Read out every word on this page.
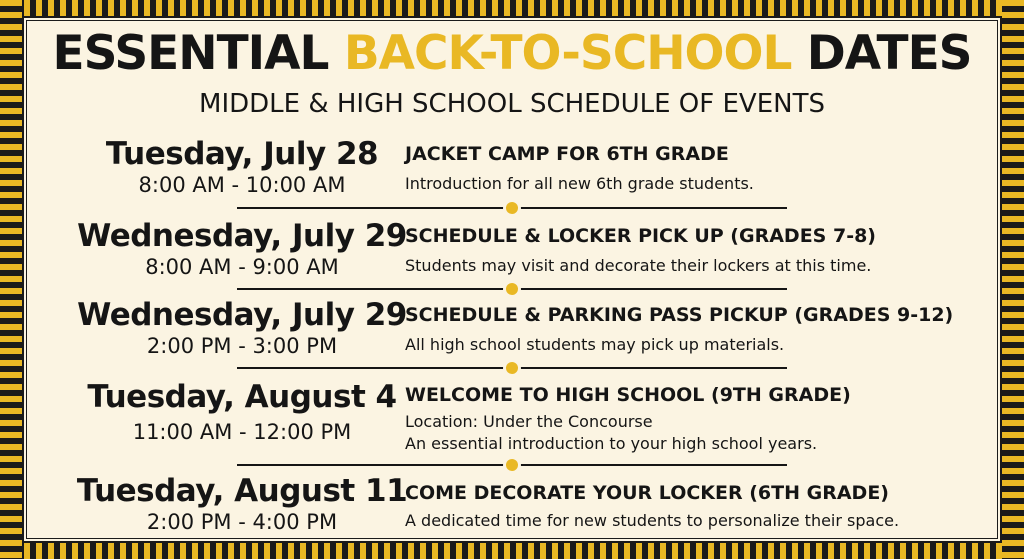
ESSENTIAL BACK-TO-SCHOOL DATES
MIDDLE & HIGH SCHOOL SCHEDULE OF EVENTS
Tuesday, July 28
8:00 AM - 10:00 AM
JACKET CAMP FOR 6TH GRADE
Introduction for all new 6th grade students.
Wednesday, July 29
8:00 AM - 9:00 AM
SCHEDULE & LOCKER PICK UP (GRADES 7-8)
Students may visit and decorate their lockers at this time.
Wednesday, July 29
2:00 PM - 3:00 PM
SCHEDULE & PARKING PASS PICKUP (GRADES 9-12)
All high school students may pick up materials.
Tuesday, August 4
11:00 AM - 12:00 PM
WELCOME TO HIGH SCHOOL (9TH GRADE)
Location: Under the Concourse
An essential introduction to your high school years.
Tuesday, August 11
2:00 PM - 4:00 PM
COME DECORATE YOUR LOCKER (6TH GRADE)
A dedicated time for new students to personalize their space.
